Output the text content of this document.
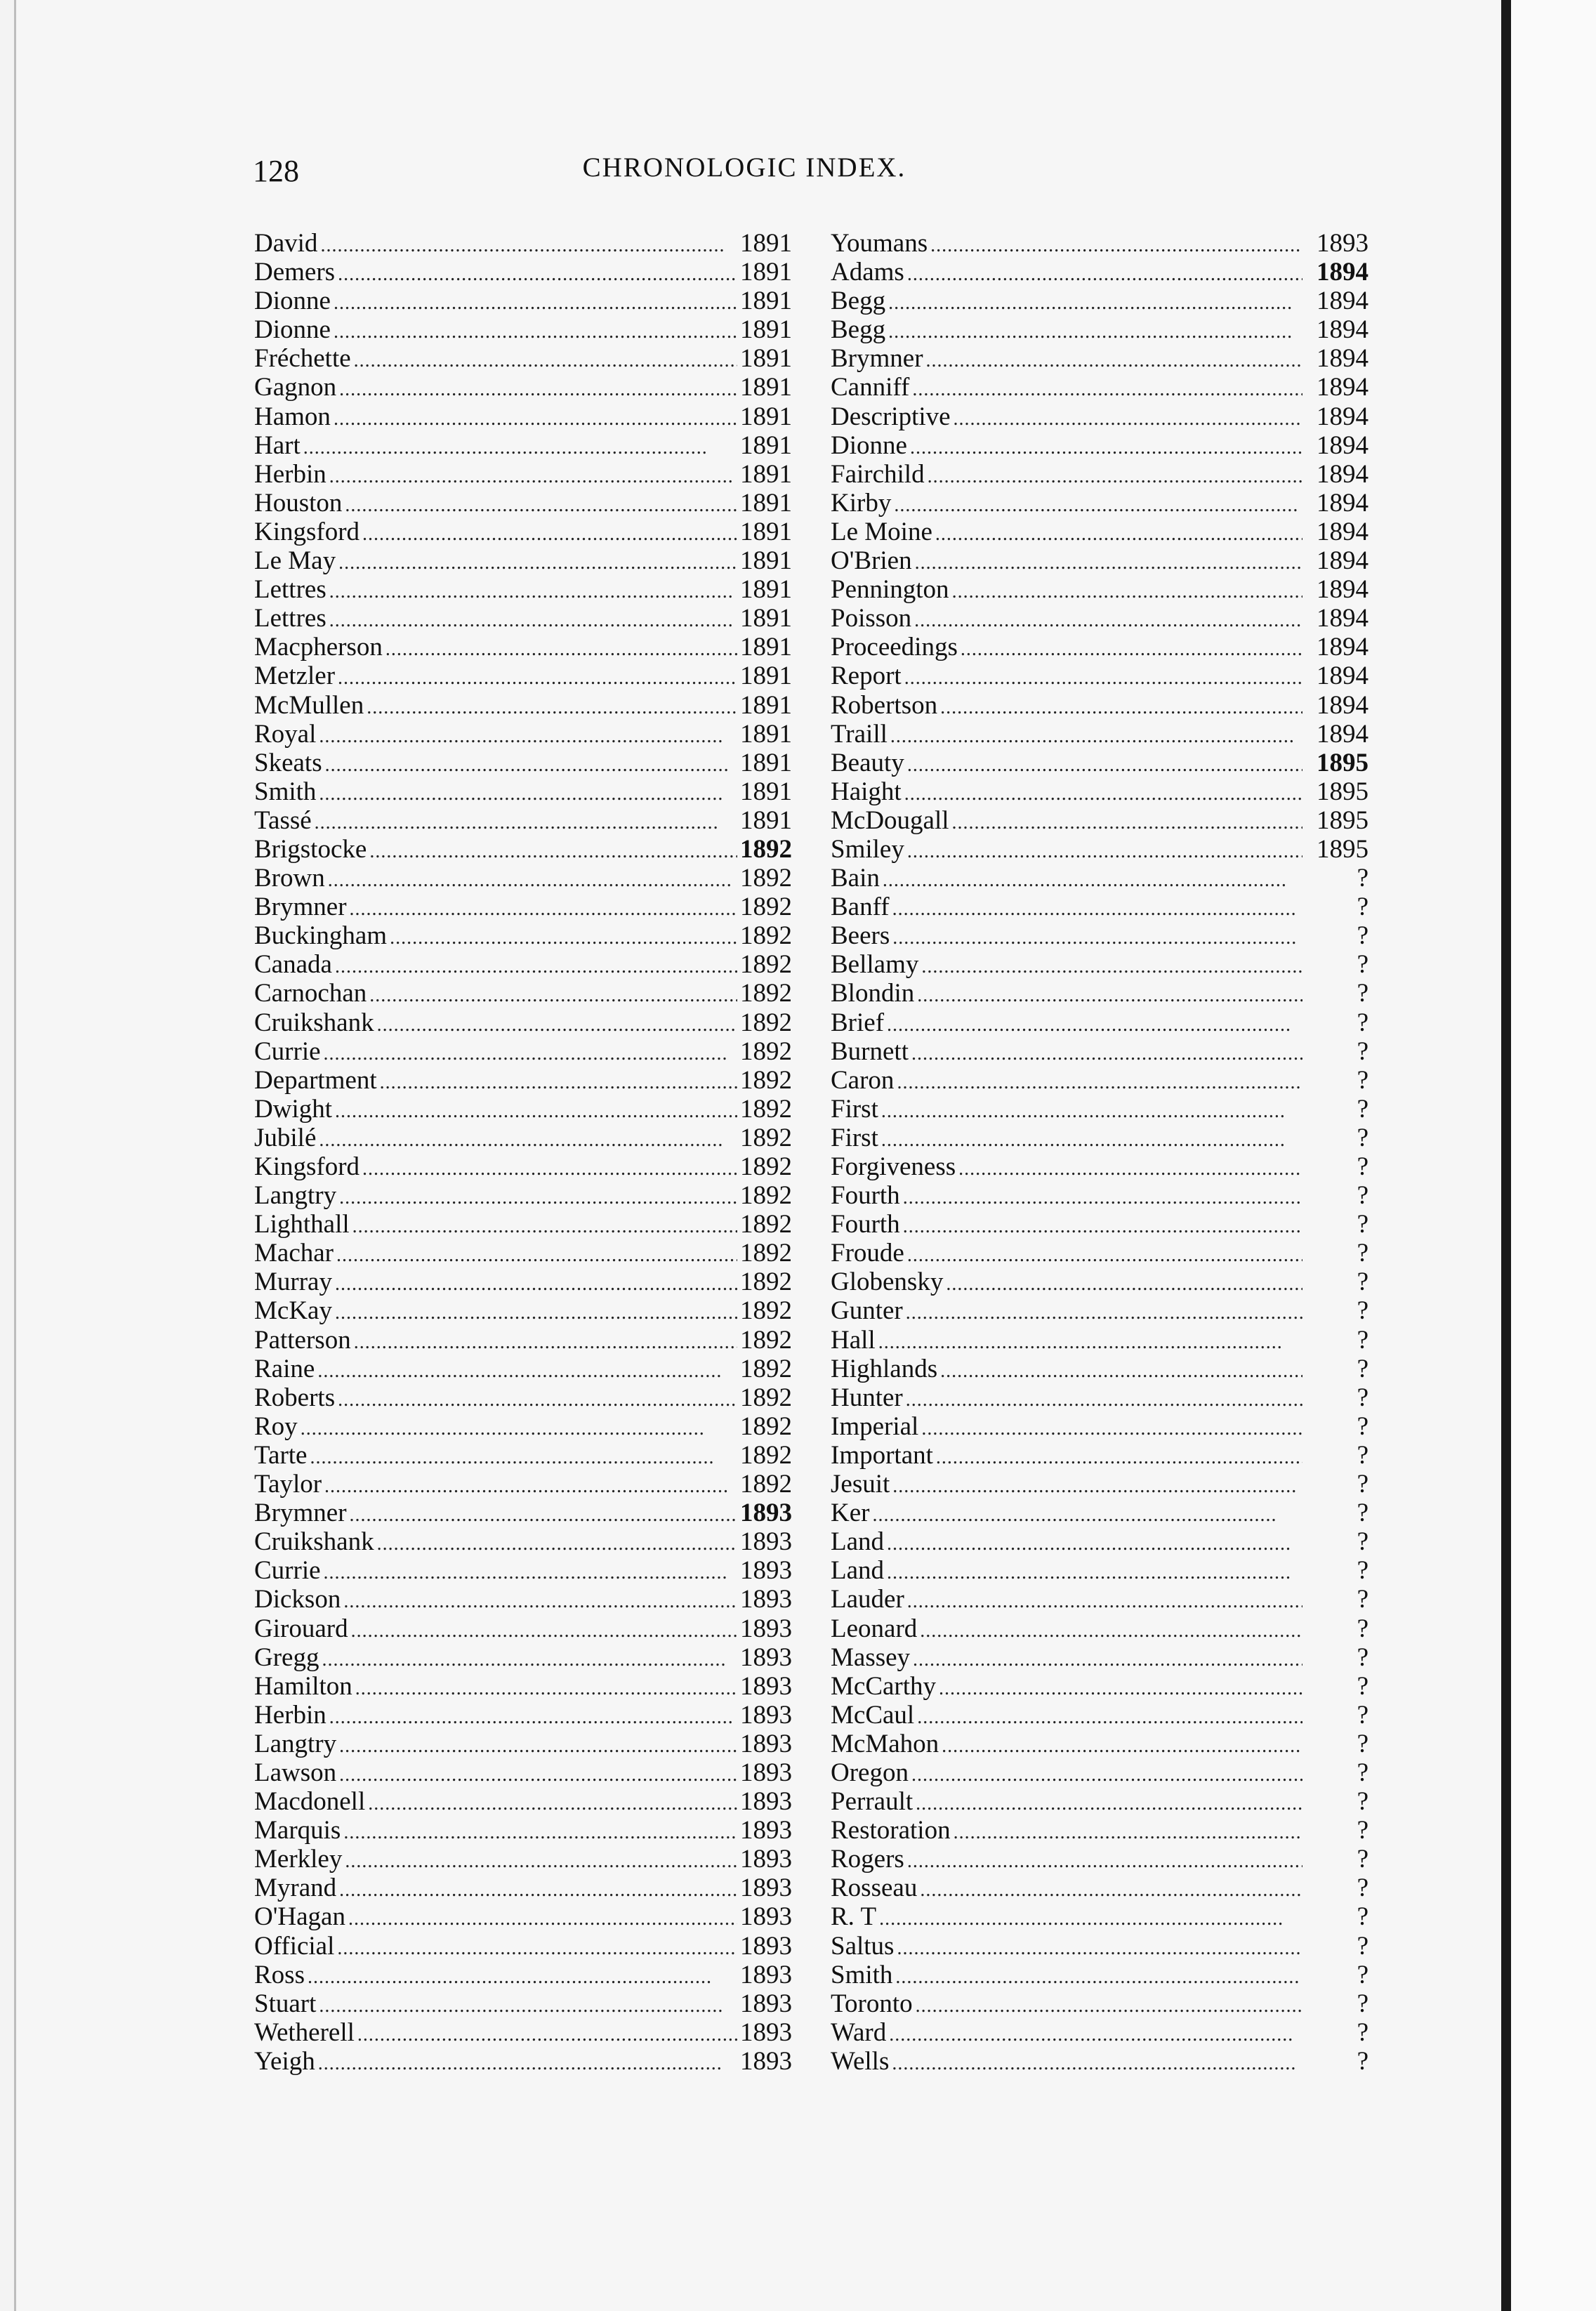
128	CHRONOLOGIC INDEX.
David . . .	1891
Demers . . .	1891
Dionne . . .	1891
Dionne . . .	1891
Fréchette . . .	1891
Gagnon . . .	1891
Hamon . . .	1891
Hart . . .	1891
Herbin . . .	1891
Houston . . .	1891
Kingsford . . .	1891
Le May . . .	1891
Lettres . . .	1891
Lettres . . .	1891
Macpherson . . .	1891
Metzler . . .	1891
McMullen . . .	1891
Royal . . .	1891
Skeats . . .	1891
Smith . . .	1891
Tassé . . .	1891
Brigstocke . . .	1892
Brown . . .	1892
Brymner . . .	1892
Buckingham . . .	1892
Canada . . .	1892
Carnochan . . .	1892
Cruikshank . . .	1892
Currie . . .	1892
Department . . .	1892
Dwight . . .	1892
Jubilé . . .	1892
Kingsford . . .	1892
Langtry . . .	1892
Lighthall . . .	1892
Machar . . .	1892
Murray . . .	1892
McKay . . .	1892
Patterson . . .	1892
Raine . . .	1892
Roberts . . .	1892
Roy . . .	1892
Tarte . . .	1892
Taylor . . .	1892
Brymner . . .	1893
Cruikshank . . .	1893
Currie . . .	1893
Dickson . . .	1893
Girouard . . .	1893
Gregg . . .	1893
Hamilton . . .	1893
Herbin . . .	1893
Langtry . . .	1893
Lawson . . .	1893
Macdonell . . .	1893
Marquis . . .	1893
Merkley . . .	1893
Myrand . . .	1893
O'Hagan . . .	1893
Official . . .	1893
Ross . . .	1893
Stuart . . .	1893
Wetherell . . .	1893
Yeigh . . .	1893
Youmans . . .	1893
Adams . . .	1894
Begg . . .	1894
Begg . . .	1894
Brymner . . .	1894
Canniff . . .	1894
Descriptive . . .	1894
Dionne . . .	1894
Fairchild . . .	1894
Kirby . . .	1894
Le Moine . . .	1894
O'Brien . . .	1894
Pennington . . .	1894
Poisson . . .	1894
Proceedings . . .	1894
Report . . .	1894
Robertson . . .	1894
Traill . . .	1894
Beauty . . .	1895
Haight . . .	1895
McDougall . . .	1895
Smiley . . .	1895
Bain . . .	?
Banff . . .	?
Beers . . .	?
Bellamy . . .	?
Blondin . . .	?
Brief . . .	?
Burnett . . .	?
Caron . . .	?
First . . .	?
First . . .	?
Forgiveness . . .	?
Fourth . . .	?
Fourth . . .	?
Froude . . .	?
Globensky . . .	?
Gunter . . .	?
Hall . . .	?
Highlands . . .	?
Hunter . . .	?
Imperial . . .	?
Important . . .	?
Jesuit . . .	?
Ker . . .	?
Land . . .	?
Land . . .	?
Lauder . . .	?
Leonard . . .	?
Massey . . .	?
McCarthy . . .	?
McCaul . . .	?
McMahon . . .	?
Oregon . . .	?
Perrault . . .	?
Restoration . . .	?
Rogers . . .	?
Rosseau . . .	?
R. T . . .	?
Saltus . . .	?
Smith . . .	?
Toronto . . .	?
Ward . . .	?
Wells . . .	?
